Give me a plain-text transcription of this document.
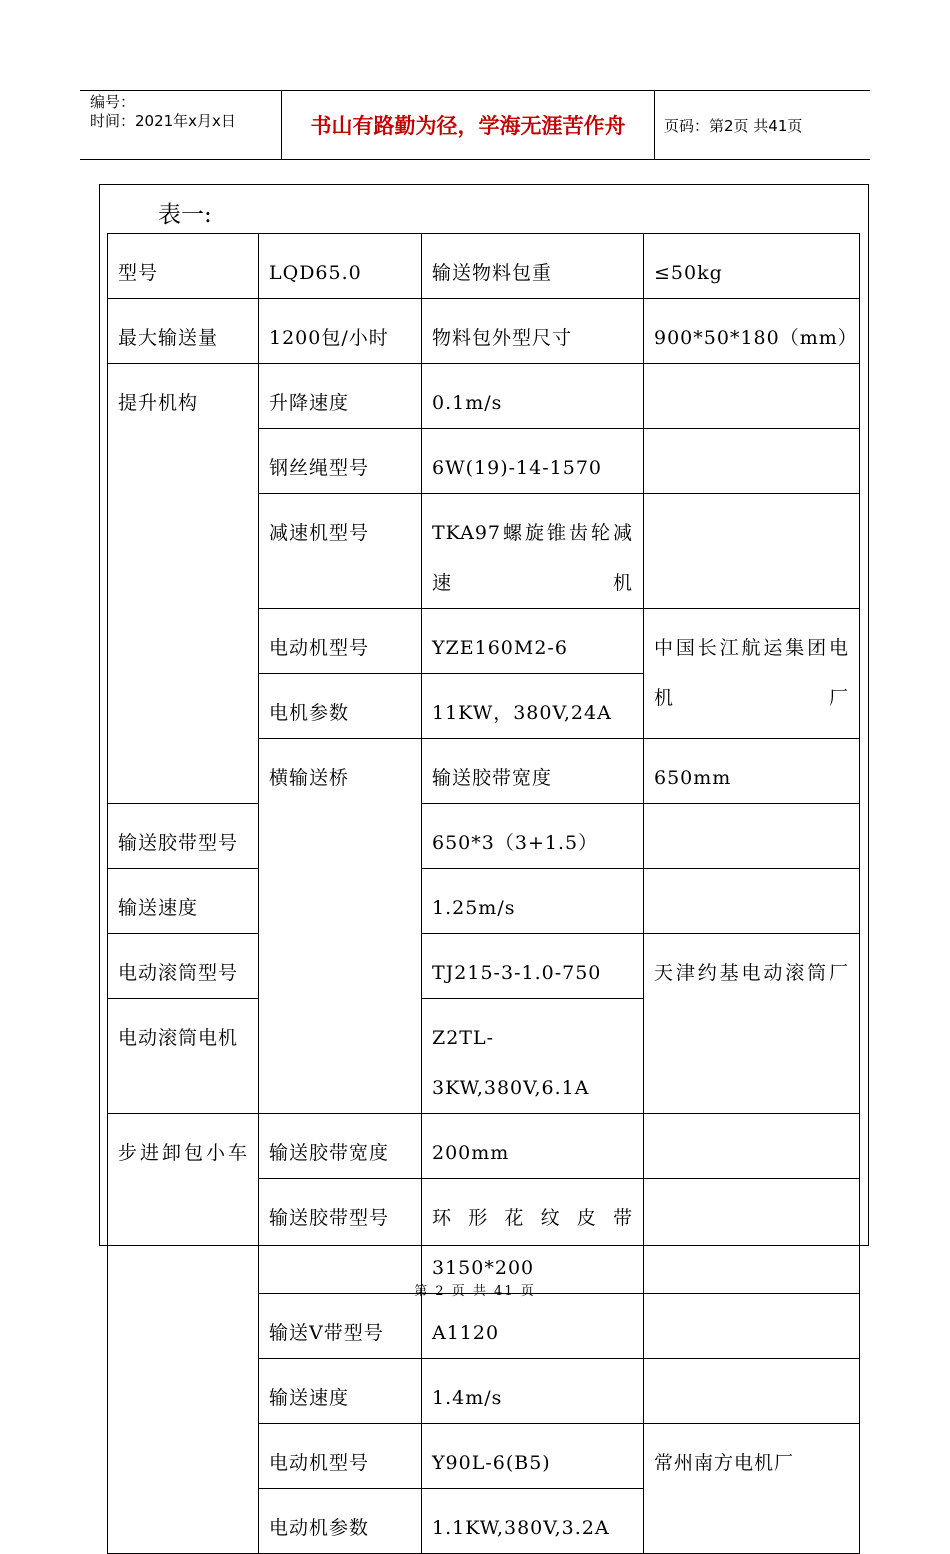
编号：
时间：2021年x月x日	书山有路勤为径，学海无涯苦作舟	页码：第2页 共41页
表一:
型号	LQD65.0	输送物料包重	≤50kg	
最大输送量	1200包/小时	物料包外型尺寸	900*50*180（mm）	
提升机构	升降速度	0.1m/s		
	钢丝绳型号	6W(19)-14-1570		
	减速机型号	TKA97螺旋锥齿轮减速机		
	电动机型号	YZE160M2-6	中国长江航运集团电机厂	
	电机参数	11KW，380V,24A		
	横输送桥	输送胶带宽度	650mm	
输送胶带型号		650*3（3+1.5）		
输送速度		1.25m/s		
电动滚筒型号		TJ215-3-1.0-750	天津约基电动滚筒厂	
电动滚筒电机		Z2TL-3KW,380V,6.1A		
步进卸包小车	输送胶带宽度	200mm		
	输送胶带型号	环形花纹皮带3150*200		
	输送V带型号	A1120		
	输送速度	1.4m/s		
	电动机型号	Y90L-6(B5)	常州南方电机厂	
	电动机参数	1.1KW,380V,3.2A		
第 2 页 共 41 页
